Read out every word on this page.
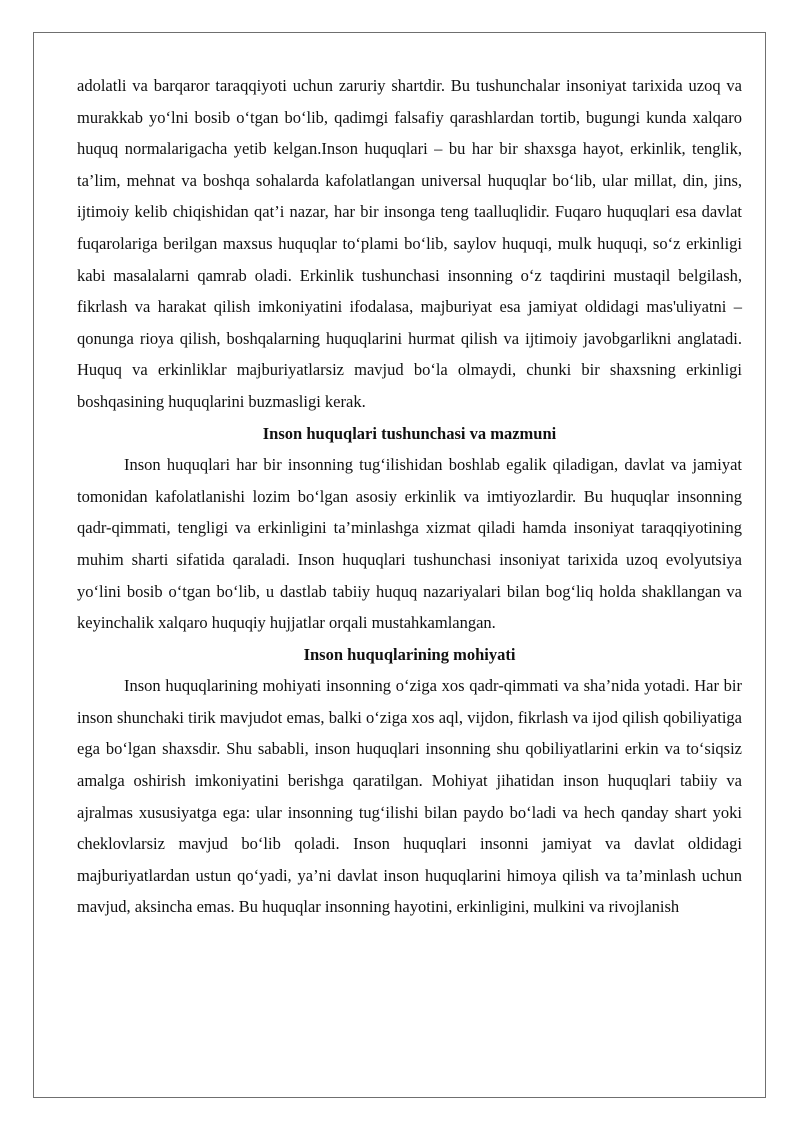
adolatli va barqaror taraqqiyoti uchun zaruriy shartdir. Bu tushunchalar insoniyat tarixida uzoq va murakkab yo‘lni bosib o‘tgan bo‘lib, qadimgi falsafiy qarashlardan tortib, bugungi kunda xalqaro huquq normalarigacha yetib kelgan.Inson huquqlari – bu har bir shaxsga hayot, erkinlik, tenglik, ta’lim, mehnat va boshqa sohalarda kafolatlangan universal huquqlar bo‘lib, ular millat, din, jins, ijtimoiy kelib chiqishidan qat’i nazar, har bir insonga teng taalluqlidir. Fuqaro huquqlari esa davlat fuqarolariga berilgan maxsus huquqlar to‘plami bo‘lib, saylov huquqi, mulk huquqi, so‘z erkinligi kabi masalalarni qamrab oladi. Erkinlik tushunchasi insonning o‘z taqdirini mustaqil belgilash, fikrlash va harakat qilish imkoniyatini ifodalasa, majburiyat esa jamiyat oldidagi mas'uliyatni – qonunga rioya qilish, boshqalarning huquqlarini hurmat qilish va ijtimoiy javobgarlikni anglatadi. Huquq va erkinliklar majburiyatlarsiz mavjud bo‘la olmaydi, chunki bir shaxsning erkinligi boshqasining huquqlarini buzmasligi kerak.

Inson huquqlari tushunchasi va mazmuni

Inson huquqlari har bir insonning tug‘ilishidan boshlab egalik qiladigan, davlat va jamiyat tomonidan kafolatlanishi lozim bo‘lgan asosiy erkinlik va imtiyozlardir. Bu huquqlar insonning qadr-qimmati, tengligi va erkinligini ta’minlashga xizmat qiladi hamda insoniyat taraqqiyotining muhim sharti sifatida qaraladi. Inson huquqlari tushunchasi insoniyat tarixida uzoq evolyutsiya yo‘lini bosib o‘tgan bo‘lib, u dastlab tabiiy huquq nazariyalari bilan bog‘liq holda shakllangan va keyinchalik xalqaro huquqiy hujjatlar orqali mustahkamlangan.

Inson huquqlarining mohiyati

Inson huquqlarining mohiyati insonning o‘ziga xos qadr-qimmati va sha’nida yotadi. Har bir inson shunchaki tirik mavjudot emas, balki o‘ziga xos aql, vijdon, fikrlash va ijod qilish qobiliyatiga ega bo‘lgan shaxsdir. Shu sababli, inson huquqlari insonning shu qobiliyatlarini erkin va to‘siqsiz amalga oshirish imkoniyatini berishga qaratilgan. Mohiyat jihatidan inson huquqlari tabiiy va ajralmas xususiyatga ega: ular insonning tug‘ilishi bilan paydo bo‘ladi va hech qanday shart yoki cheklovlarsiz mavjud bo‘lib qoladi. Inson huquqlari insonni jamiyat va davlat oldidagi majburiyatlardan ustun qo‘yadi, ya’ni davlat inson huquqlarini himoya qilish va ta’minlash uchun mavjud, aksincha emas. Bu huquqlar insonning hayotini, erkinligini, mulkini va rivojlanish
